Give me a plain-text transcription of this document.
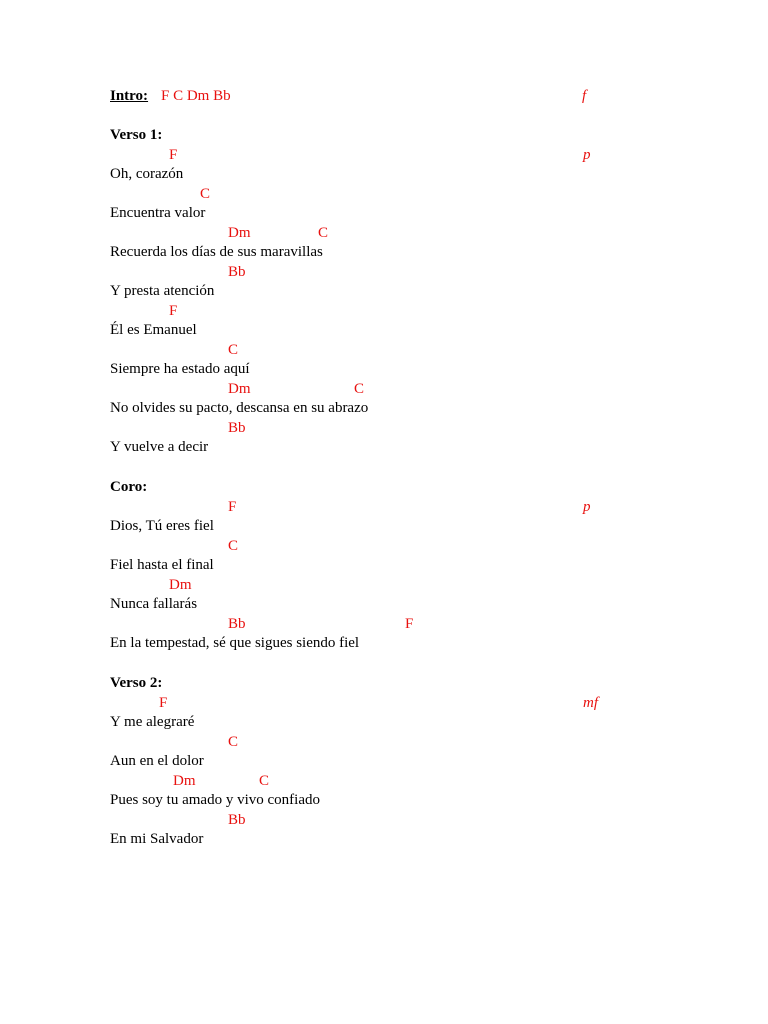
Intro: F C Dm Bb	f
Verso 1:
F	p
Oh, corazón
C
Encuentra valor
Dm	C
Recuerda los días de sus maravillas
Bb
Y presta atención
F
Él es Emanuel
C
Siempre ha estado aquí
Dm	C
No olvides su pacto, descansa en su abrazo
Bb
Y vuelve a decir
Coro:
F	p
Dios, Tú eres fiel
C
Fiel hasta el final
Dm
Nunca fallarás
Bb	F
En la tempestad, sé que sigues siendo fiel
Verso 2:
F	mf
Y me alegraré
C
Aun en el dolor
Dm	C
Pues soy tu amado y vivo confiado
Bb
En mi Salvador
